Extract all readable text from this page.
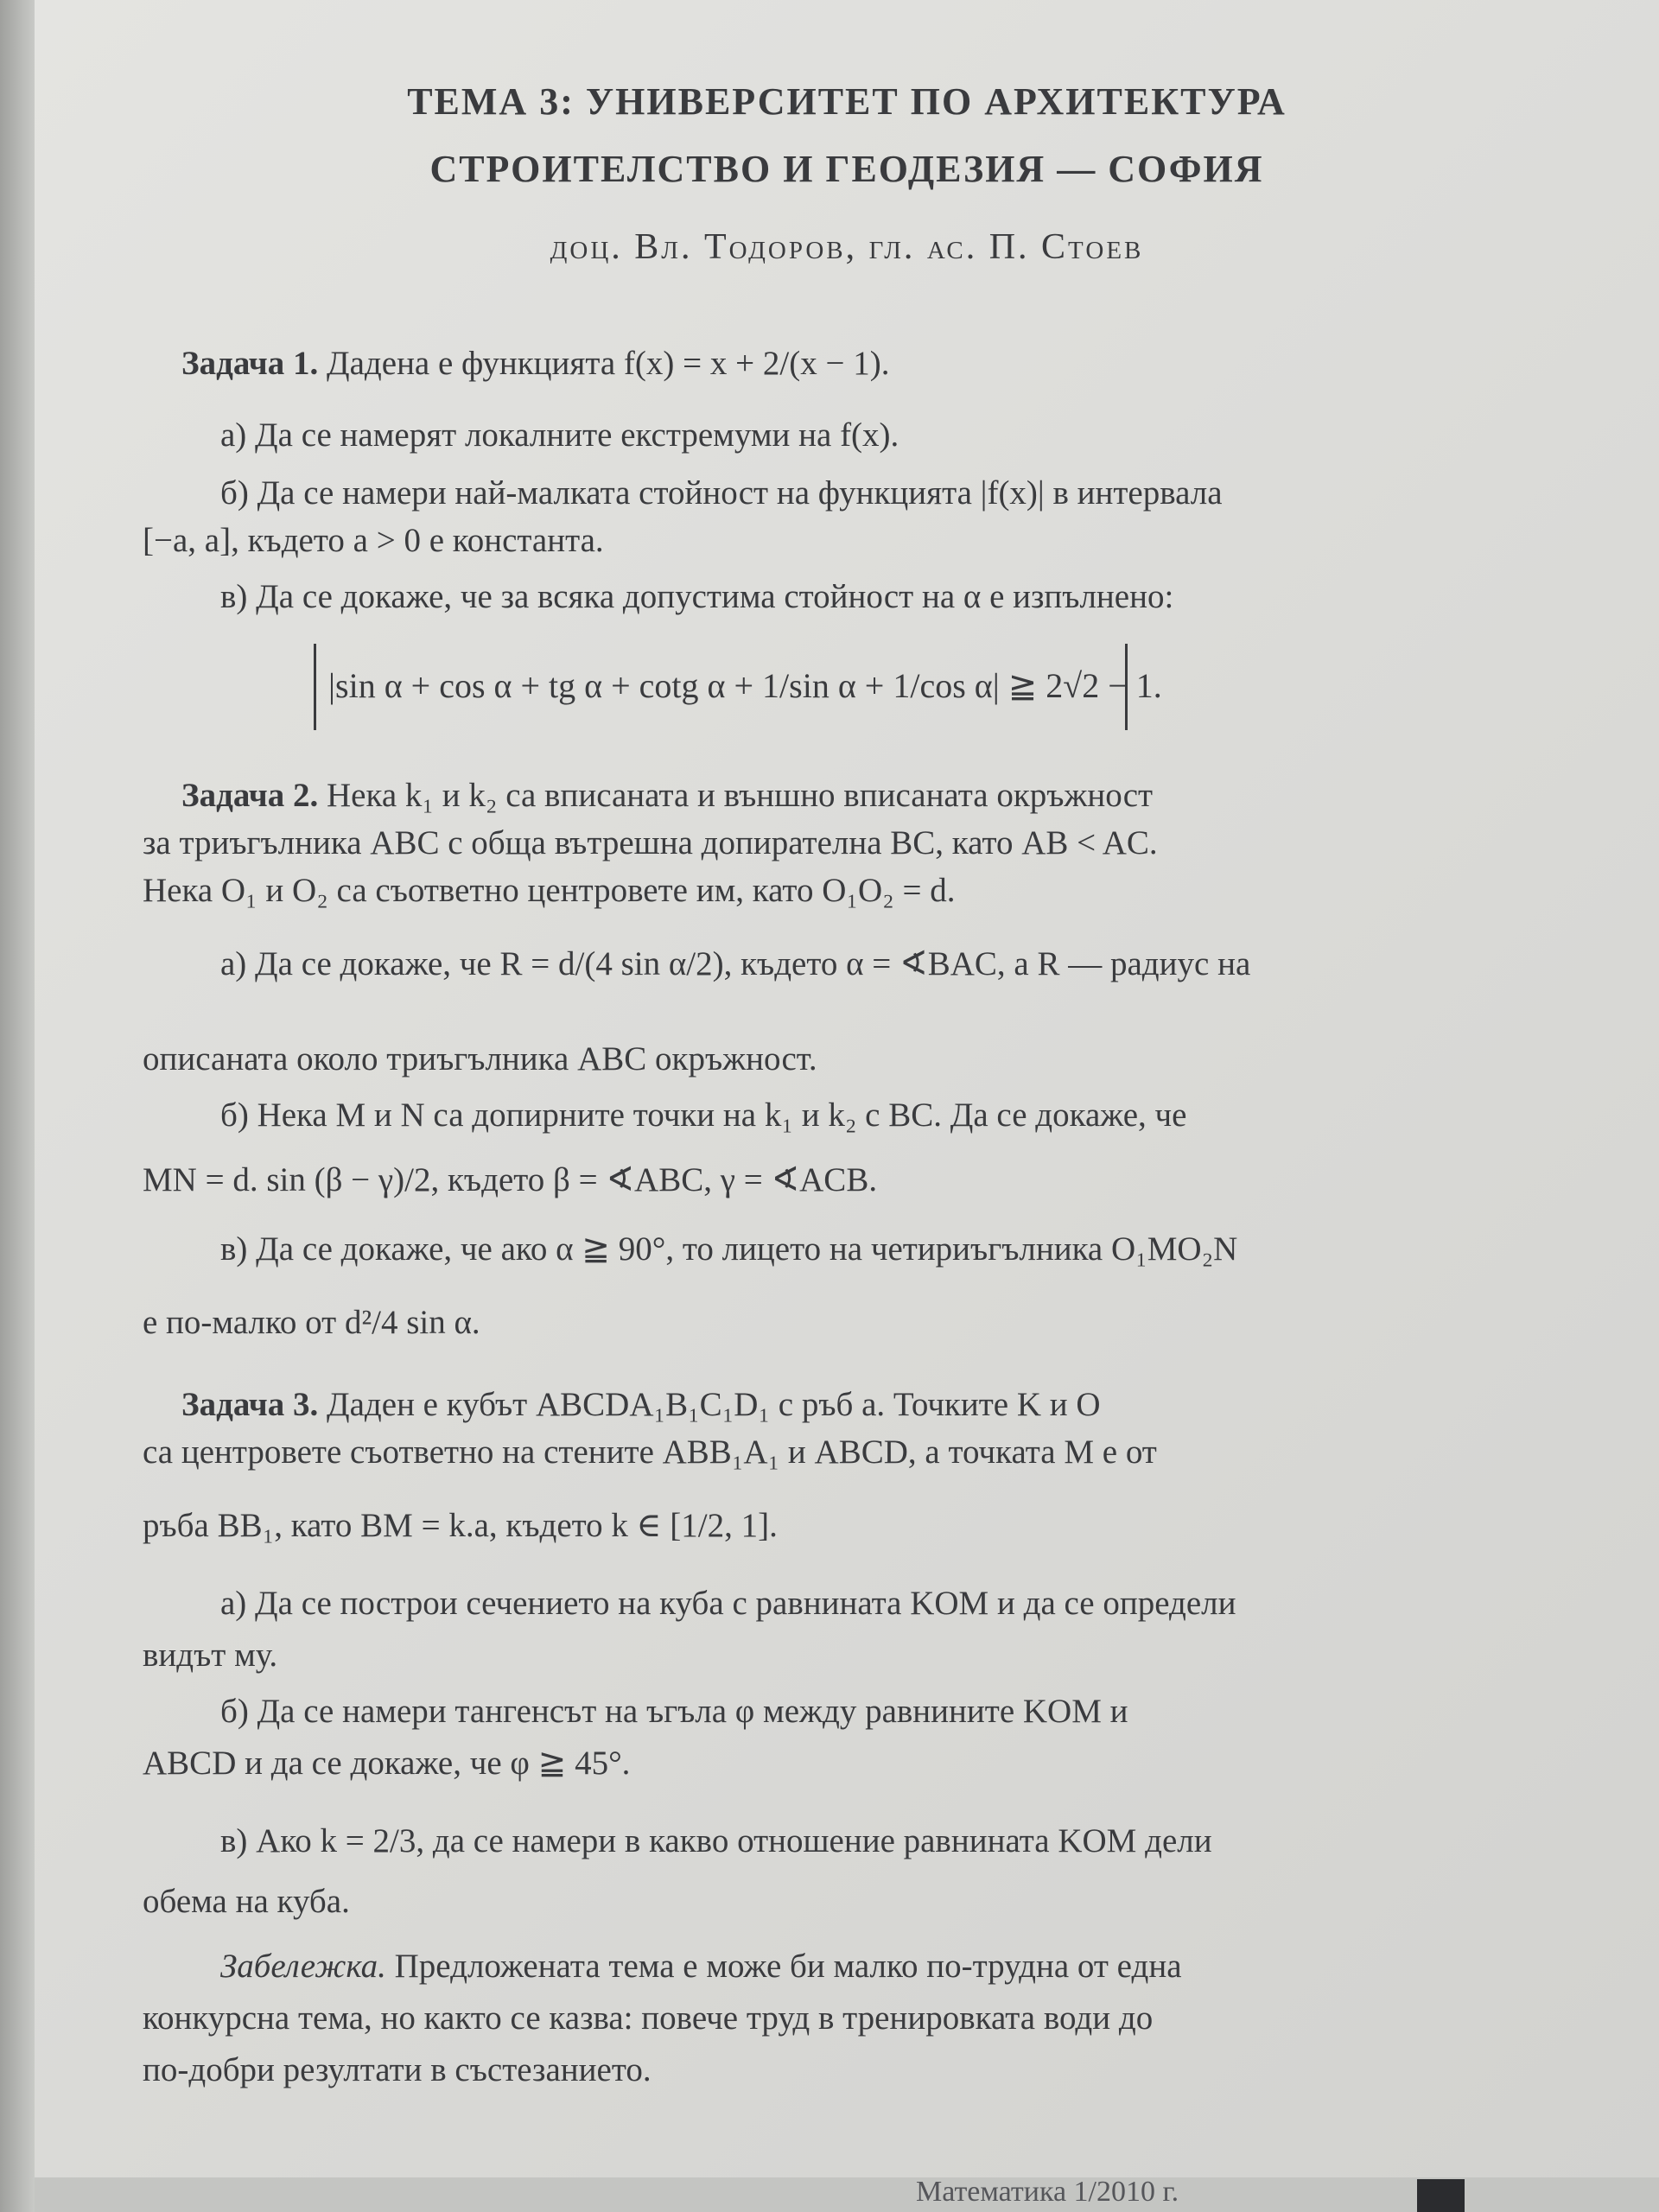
ТЕМА 3: УНИВЕРСИТЕТ ПО АРХИТЕКТУРА
СТРОИТЕЛСТВО И ГЕОДЕЗИЯ — СОФИЯ
доц. Вл. Тодоров, гл. ас. П. Стоев
Задача 1. Дадена е функцията f(x) = x + 2/(x − 1).
а) Да се намерят локалните екстремуми на f(x).
б) Да се намери най-малката стойност на функцията |f(x)| в интервала
[−a, a], където a > 0 е константа.
в) Да се докаже, че за всяка допустима стойност на α е изпълнено:
|sin α + cos α + tg α + cotg α + 1/sin α + 1/cos α| ≧ 2√2 − 1.
Задача 2. Нека k₁ и k₂ са вписаната и външно вписаната окръжност
за триъгълника ABC с обща вътрешна допирателна BC, като AB < AC.
Нека O₁ и O₂ са съответно центровете им, като O₁O₂ = d.
а) Да се докаже, че R = d/(4 sin α/2), където α = ∢BAC, а R — радиус на
описаната около триъгълника ABC окръжност.
б) Нека M и N са допирните точки на k₁ и k₂ с BC. Да се докаже, че
MN = d. sin (β − γ)/2, където β = ∢ABC, γ = ∢ACB.
в) Да се докаже, че ако α ≧ 90°, то лицето на четириъгълника O₁MO₂N
е по-малко от d²/4 sin α.
Задача 3. Даден е кубът ABCDA₁B₁C₁D₁ с ръб a. Точките K и O
са центровете съответно на стените ABB₁A₁ и ABCD, а точката M е от
ръба BB₁, като BM = k.a, където k ∈ [1/2, 1].
а) Да се построи сечението на куба с равнината KOM и да се определи
видът му.
б) Да се намери тангенсът на ъгъла φ между равнините KOM и
ABCD и да се докаже, че φ ≧ 45°.
в) Ако k = 2/3, да се намери в какво отношение равнината KOM дели
обема на куба.
Забележка. Предложената тема е може би малко по-трудна от една
конкурсна тема, но както се казва: повече труд в тренировката води до
по-добри резултати в състезанието.
Математика 1/2010 г.
